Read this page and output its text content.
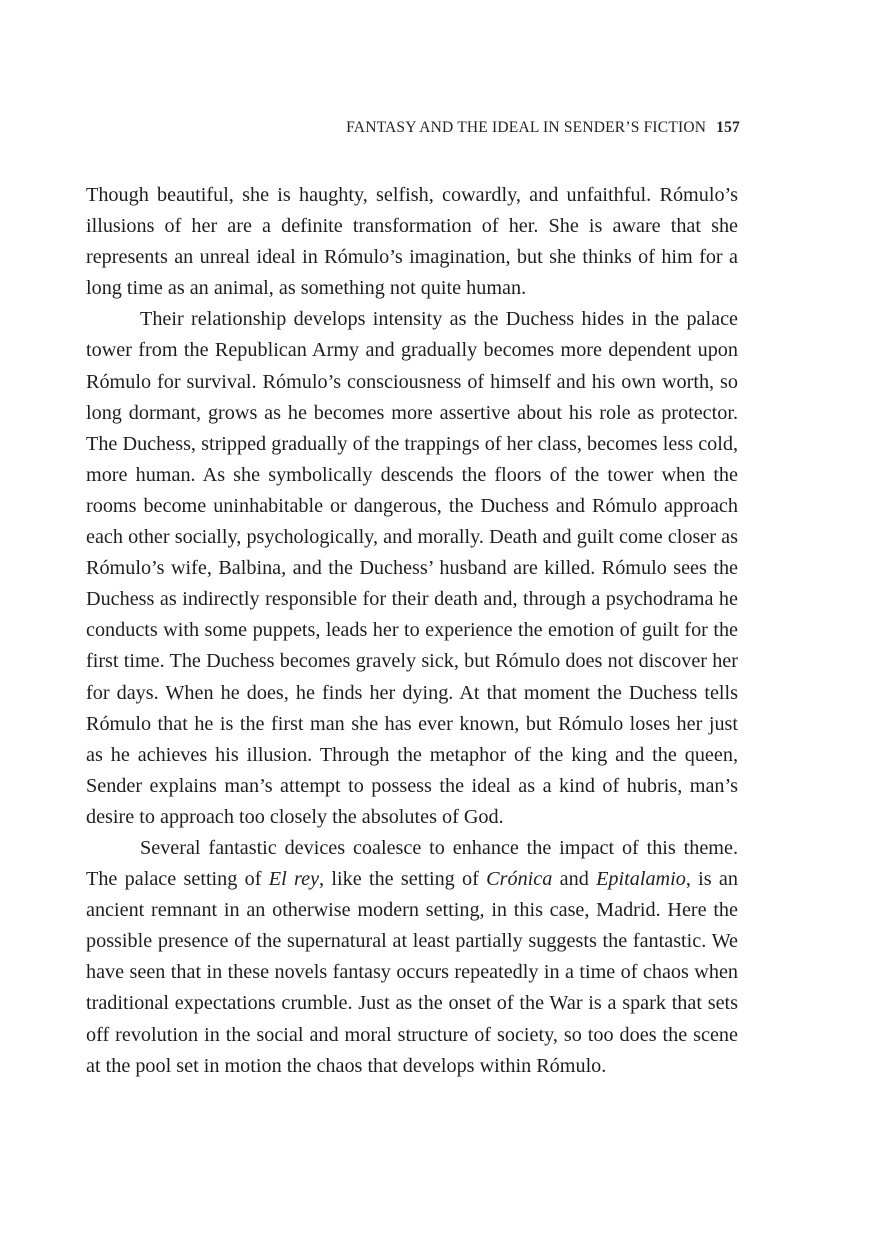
FANTASY AND THE IDEAL IN SENDER’S FICTION 157

Though beautiful, she is haughty, selfish, cowardly, and unfaithful. Rómulo’s illusions of her are a definite transformation of her. She is aware that she represents an unreal ideal in Rómulo’s imagination, but she thinks of him for a long time as an animal, as something not quite human.

Their relationship develops intensity as the Duchess hides in the palace tower from the Republican Army and gradually becomes more dependent upon Rómulo for survival. Rómulo’s consciousness of himself and his own worth, so long dormant, grows as he becomes more assertive about his role as protector. The Duchess, stripped gradually of the trappings of her class, becomes less cold, more human. As she symbolically descends the floors of the tower when the rooms become uninhabitable or dangerous, the Duchess and Rómulo approach each other socially, psychologically, and morally. Death and guilt come closer as Rómulo’s wife, Balbina, and the Duchess’ husband are killed. Rómulo sees the Duchess as indirectly responsible for their death and, through a psychodrama he conducts with some puppets, leads her to experience the emotion of guilt for the first time. The Duchess becomes gravely sick, but Rómulo does not discover her for days. When he does, he finds her dying. At that moment the Duchess tells Rómulo that he is the first man she has ever known, but Rómulo loses her just as he achieves his illusion. Through the metaphor of the king and the queen, Sender explains man’s attempt to possess the ideal as a kind of hubris, man’s desire to approach too closely the absolutes of God.

Several fantastic devices coalesce to enhance the impact of this theme. The palace setting of El rey, like the setting of Crónica and Epitalamio, is an ancient remnant in an otherwise modern setting, in this case, Madrid. Here the possible presence of the supernatural at least partially suggests the fantastic. We have seen that in these novels fantasy occurs repeatedly in a time of chaos when traditional expectations crumble. Just as the onset of the War is a spark that sets off revolution in the social and moral structure of society, so too does the scene at the pool set in motion the chaos that develops within Rómulo.
